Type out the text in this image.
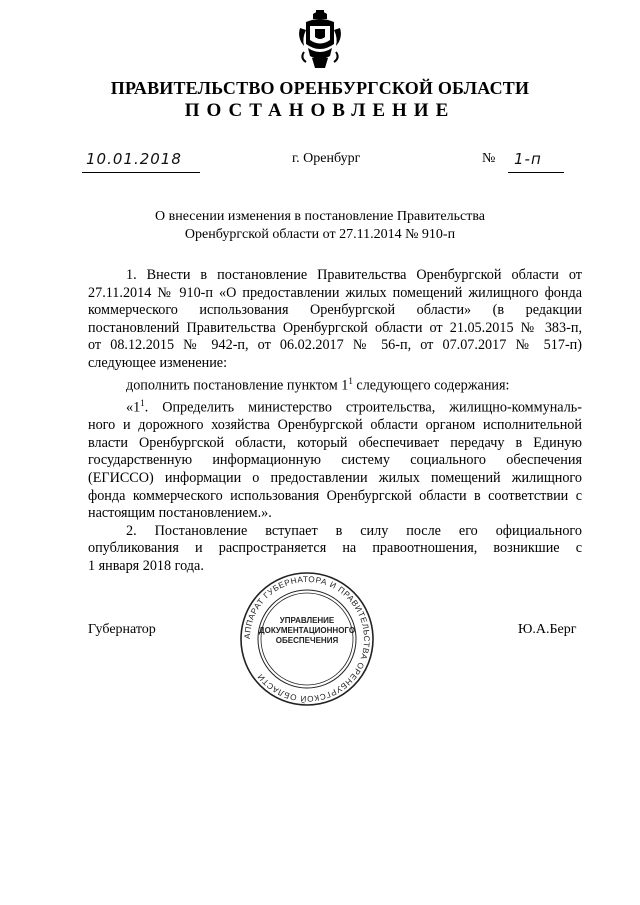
ПРАВИТЕЛЬСТВО ОРЕНБУРГСКОЙ ОБЛАСТИ
ПОСТАНОВЛЕНИЕ
10.01.2018	г. Оренбург	№ 1-п
О внесении изменения в постановление Правительства
Оренбургской области от 27.11.2014 № 910-п

1. Внести в постановление Правительства Оренбургской области от

27.11.2014 № 910-п «О предоставлении жилых помещений жилищного фонда

коммерческого использования Оренбургской области» (в редакции

постановлений Правительства Оренбургской области от 21.05.2015 № 383-п,

от 08.12.2015 № 942-п, от 06.02.2017 № 56-п, от 07.07.2017 № 517-п)

следующее изменение:

дополнить постановление пунктом $1^1$ следующего содержания:

«$1^1$. Определить министерство строительства, жилищно-коммуналь-

ного и дорожного хозяйства Оренбургской области органом исполнительной

власти Оренбургской области, который обеспечивает передачу в Единую

государственную информационную систему социального обеспечения

(ЕГИССО) информации о предоставлении жилых помещений жилищного

фонда коммерческого использования Оренбургской области в соответствии с

настоящим постановлением.».

2. Постановление вступает в силу после его официального

опубликования и распространяется на правоотношения, возникшие с

1 января 2018 года.

Губернатор	Ю.А.Берг
АППАРАТ ГУБЕРНАТОРА И ПРАВИТЕЛЬСТВА ОРЕНБУРГСКОЙ ОБЛАСТИ
УПРАВЛЕНИЕ
ДОКУМЕНТАЦИОННОГО
ОБЕСПЕЧЕНИЯ
